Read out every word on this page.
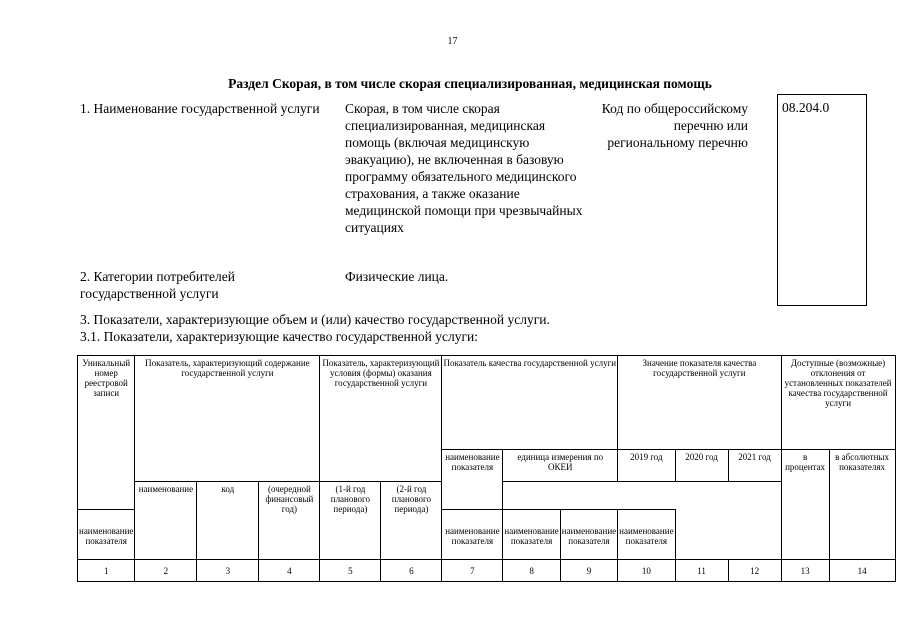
17
Раздел Скорая, в том числе скорая специализированная, медицинская помощь
1. Наименование государственной услуги Скорая, в том числе скорая специализированная, медицинская помощь (включая медицинскую эвакуацию), не включенная в базовую программу обязательного медицинского страхования, а также оказание медицинской помощи при чрезвычайных ситуациях
Код по общероссийскому перечню или региональному перечню
08.204.0
2. Категории потребителей государственной услуги
Физические лица.
3. Показатели, характеризующие объем и (или) качество государственной услуги.
3.1. Показатели, характеризующие качество государственной услуги:
Уникальный номер реестровой записи	Показатель, характеризующий содержание государственной услуги			Показатель, характеризующий условия (формы) оказания государственной услуги		Показатель качества государственной услуги			Значение показателя качества государственной услуги			Доступные (возможные) отклонения от установленных показателей качества государственной услуги	
						наименование показателя	единица измерения по ОКЕИ		2019 год	2020 год	2021 год	в процентах	в абсолютных показателях
	наименование	код	(очередной финансовый год)	(1-й год планового периода)	(2-й год планового периода)								
наименование показателя						наименование показателя	наименование показателя	наименование показателя	наименование показателя				
1	2	3	4	5	6	7	8	9	10	11	12	13	14
